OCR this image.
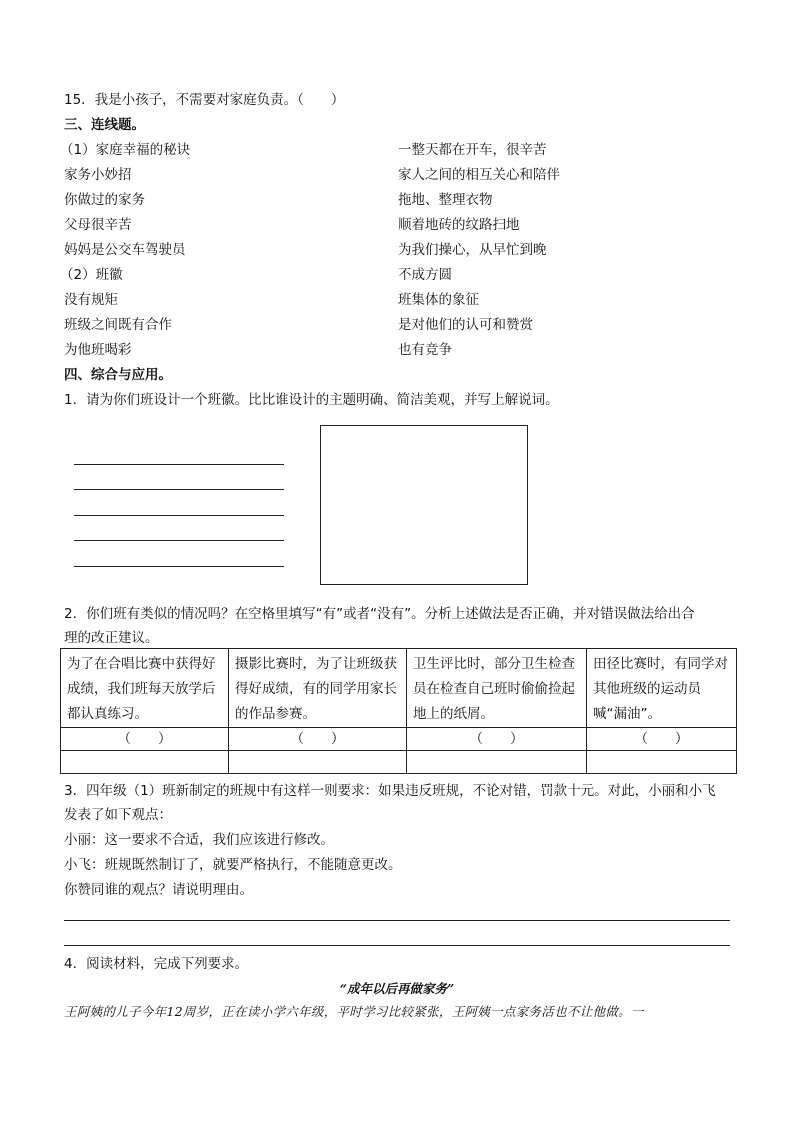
15．我是小孩子，不需要对家庭负责。（　　）
三、连线题。
（1）家庭幸福的秘诀
家务小妙招
你做过的家务
父母很辛苦
妈妈是公交车驾驶员
（2）班徽
没有规矩
班级之间既有合作
为他班喝彩
一整天都在开车，很辛苦
家人之间的相互关心和陪伴
拖地、整理衣物
顺着地砖的纹路扫地
为我们操心，从早忙到晚
不成方圆
班集体的象征
是对他们的认可和赞赏
也有竞争
四、综合与应用。
1．请为你们班设计一个班徽。比比谁设计的主题明确、简洁美观，并写上解说词。
2．你们班有类似的情况吗？在空格里填写“有”或者“没有”。分析上述做法是否正确，并对错误做法给出合
理的改正建议。
为了在合唱比赛中获得好成绩，我们班每天放学后都认真练习。	摄影比赛时，为了让班级获得好成绩，有的同学用家长的作品参赛。	卫生评比时，部分卫生检查员在检查自己班时偷偷捡起地上的纸屑。	田径比赛时，有同学对其他班级的运动员喊“漏油”。
（　　）	（　　）	（　　）	（　　）

3．四年级（1）班新制定的班规中有这样一则要求：如果违反班规，不论对错，罚款十元。对此，小丽和小飞
发表了如下观点：
小丽：这一要求不合适，我们应该进行修改。
小飞：班规既然制订了，就要严格执行，不能随意更改。
你赞同谁的观点？请说明理由。
4．阅读材料，完成下列要求。
“成年以后再做家务”
王阿姨的儿子今年12周岁，正在读小学六年级，平时学习比较紧张，王阿姨一点家务活也不让他做。一
